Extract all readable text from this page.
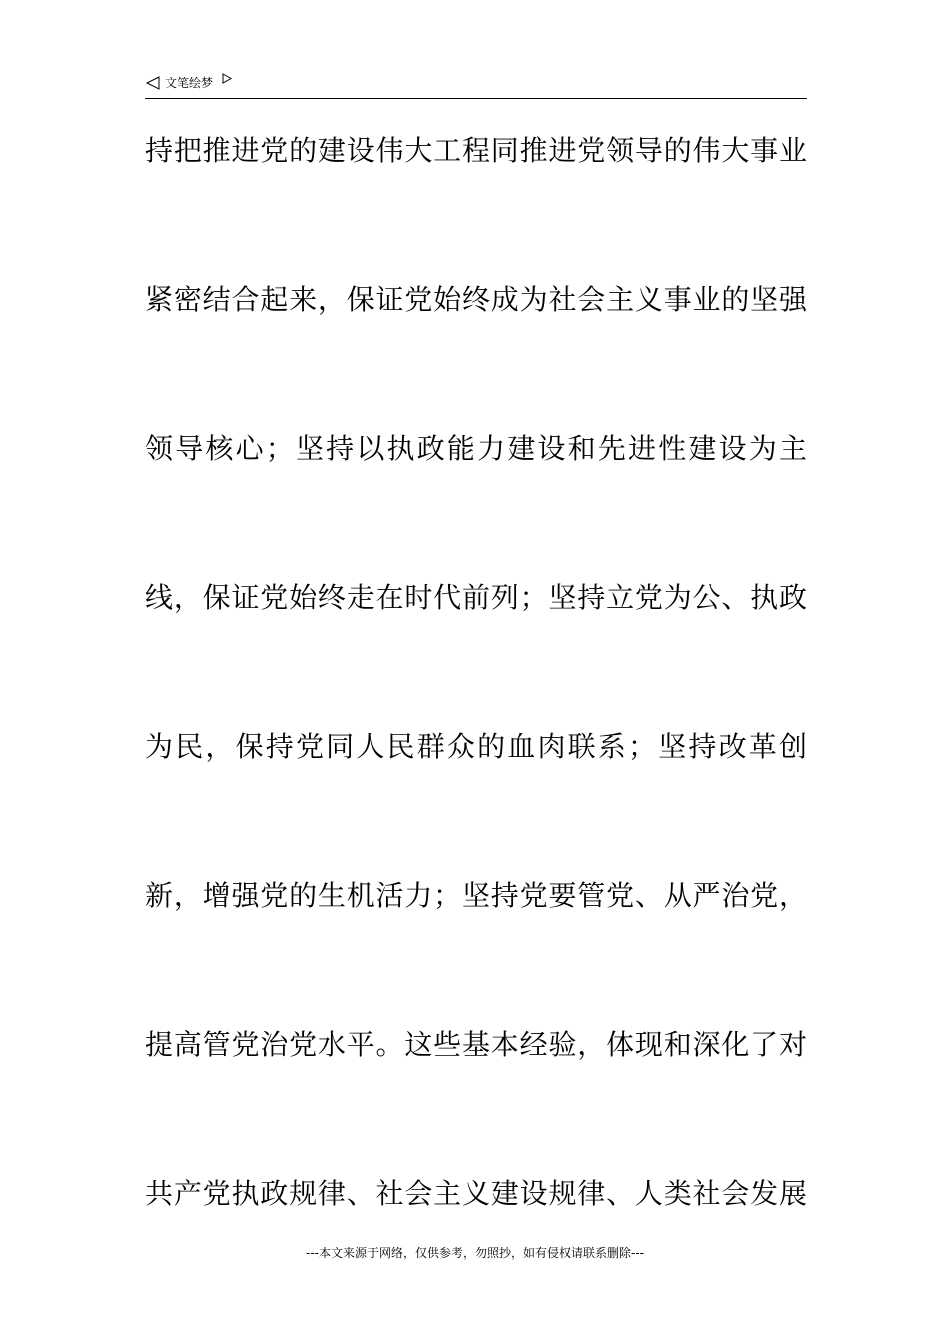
文笔绘梦
持把推进党的建设伟大工程同推进党领导的伟大事业
紧密结合起来，保证党始终成为社会主义事业的坚强
领导核心；坚持以执政能力建设和先进性建设为主
线，保证党始终走在时代前列；坚持立党为公、执政
为民，保持党同人民群众的血肉联系；坚持改革创
新，增强党的生机活力；坚持党要管党、从严治党，
提高管党治党水平。这些基本经验，体现和深化了对
共产党执政规律、社会主义建设规律、人类社会发展
---本文来源于网络，仅供参考，勿照抄，如有侵权请联系删除---
